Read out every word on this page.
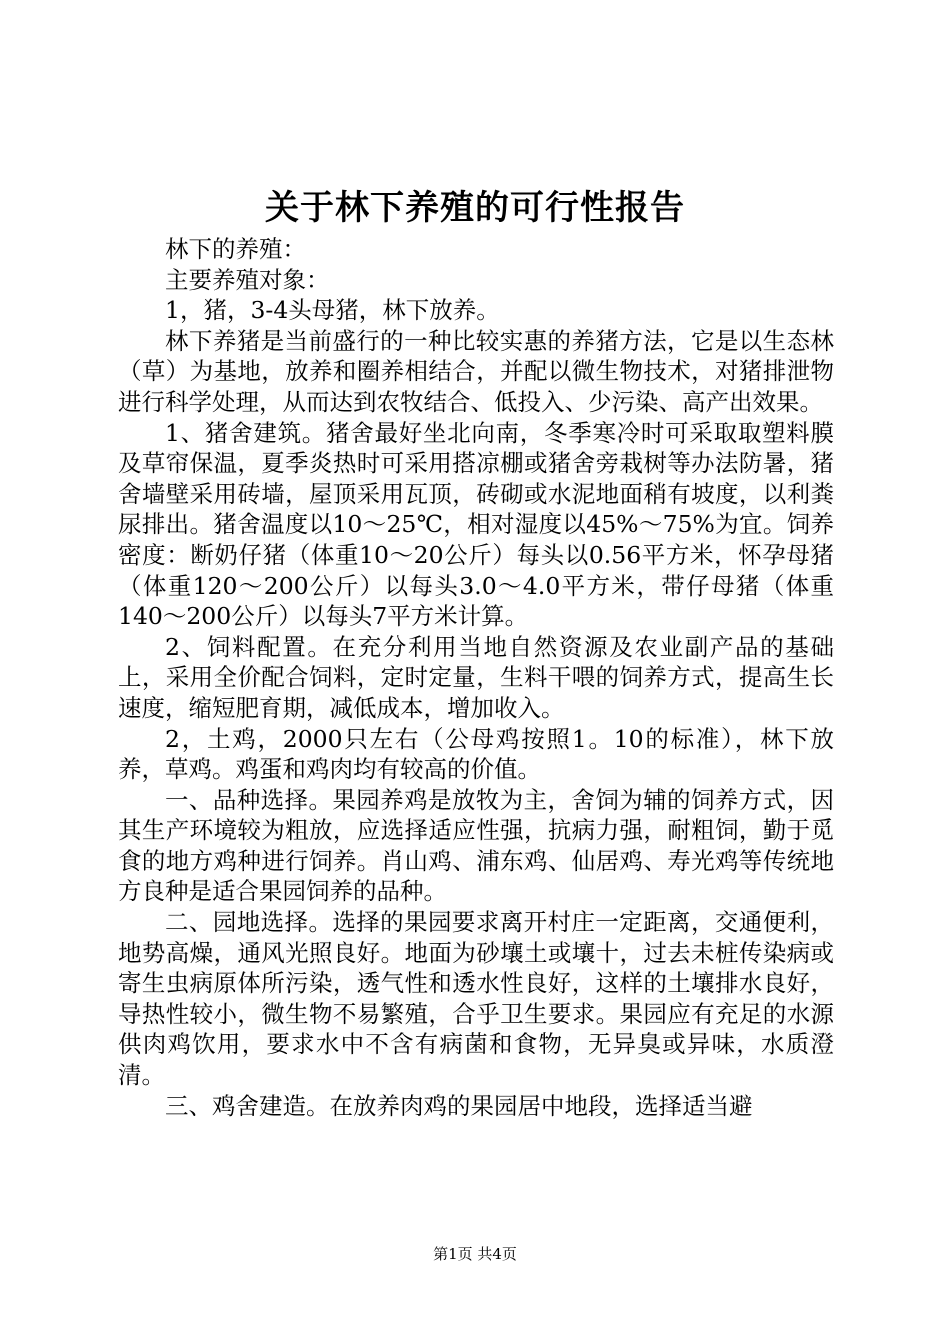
关于林下养殖的可行性报告

林下的养殖：

主要养殖对象：

1，猪，3-4头母猪，林下放养。

林下养猪是当前盛行的一种比较实惠的养猪方法，它是以生态林（草）为基地，放养和圈养相结合，并配以微生物技术，对猪排泄物进行科学处理，从而达到农牧结合、低投入、少污染、高产出效果。

1、猪舍建筑。猪舍最好坐北向南，冬季寒冷时可采取取塑料膜及草帘保温，夏季炎热时可采用搭凉棚或猪舍旁栽树等办法防暑，猪舍墙壁采用砖墙，屋顶采用瓦顶，砖砌或水泥地面稍有坡度，以利粪尿排出。猪舍温度以10～25℃，相对湿度以45%～75%为宜。饲养密度：断奶仔猪（体重10～20公斤）每头以0.56平方米，怀孕母猪（体重120～200公斤）以每头3.0～4.0平方米，带仔母猪（体重140～200公斤）以每头7平方米计算。

2、饲料配置。在充分利用当地自然资源及农业副产品的基础上，采用全价配合饲料，定时定量，生料干喂的饲养方式，提高生长速度，缩短肥育期，减低成本，增加收入。

2，土鸡，2000只左右（公母鸡按照1。10的标准），林下放养，草鸡。鸡蛋和鸡肉均有较高的价值。

一、品种选择。果园养鸡是放牧为主，舍饲为辅的饲养方式，因其生产环境较为粗放，应选择适应性强，抗病力强，耐粗饲，勤于觅食的地方鸡种进行饲养。肖山鸡、浦东鸡、仙居鸡、寿光鸡等传统地方良种是适合果园饲养的品种。

二、园地选择。选择的果园要求离开村庄一定距离，交通便利，地势高燥，通风光照良好。地面为砂壤土或壤十，过去未桩传染病或寄生虫病原体所污染，透气性和透水性良好，这样的土壤排水良好，导热性较小，微生物不易繁殖，合乎卫生要求。果园应有充足的水源供肉鸡饮用，要求水中不含有病菌和食物，无异臭或异味，水质澄清。

三、鸡舍建造。在放养肉鸡的果园居中地段，选择适当避

第1页 共4页
